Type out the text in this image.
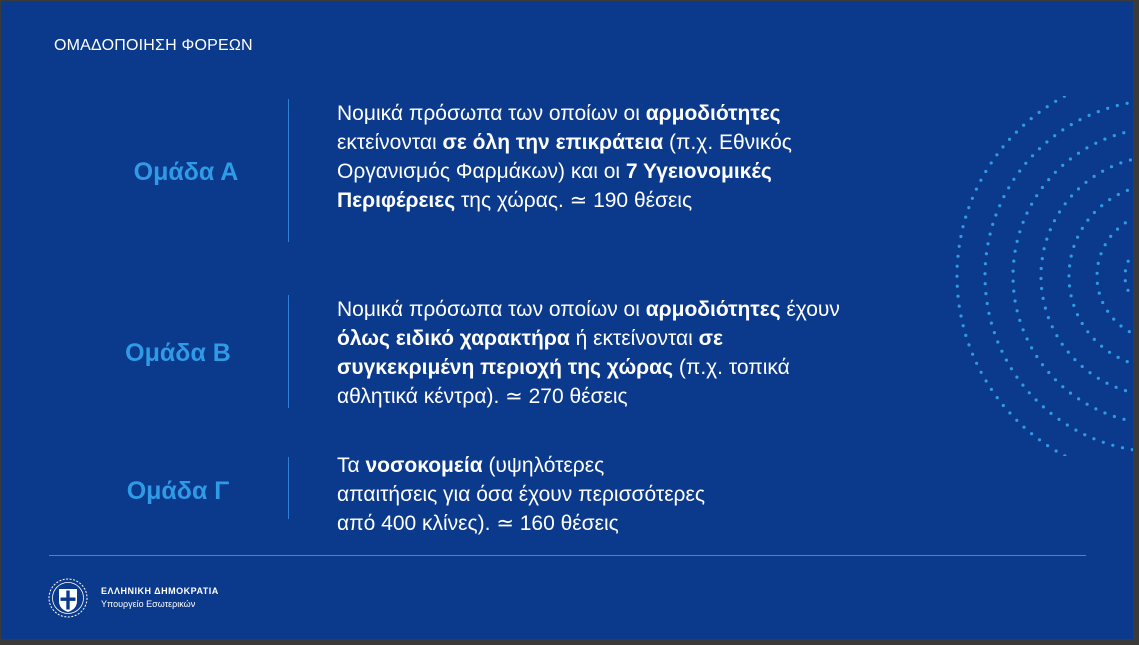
ΟΜΑΔΟΠΟΙΗΣΗ ΦΟΡΕΩΝ
Ομάδα Α
Νομικά πρόσωπα των οποίων οι αρμοδιότητες
εκτείνονται σε όλη την επικράτεια (π.χ. Εθνικός
Οργανισμός Φαρμάκων) και οι 7 Υγειονομικές
Περιφέρειες της χώρας. ≃ 190 θέσεις
Ομάδα Β
Νομικά πρόσωπα των οποίων οι αρμοδιότητες έχουν
όλως ειδικό χαρακτήρα ή εκτείνονται σε
συγκεκριμένη περιοχή της χώρας (π.χ. τοπικά
αθλητικά κέντρα). ≃ 270 θέσεις
Ομάδα Γ
Τα νοσοκομεία (υψηλότερες
απαιτήσεις για όσα έχουν περισσότερες
από 400 κλίνες). ≃ 160 θέσεις
ΕΛΛΗΝΙΚΗ ΔΗΜΟΚΡΑΤΙΑ
Υπουργείο Εσωτερικών
